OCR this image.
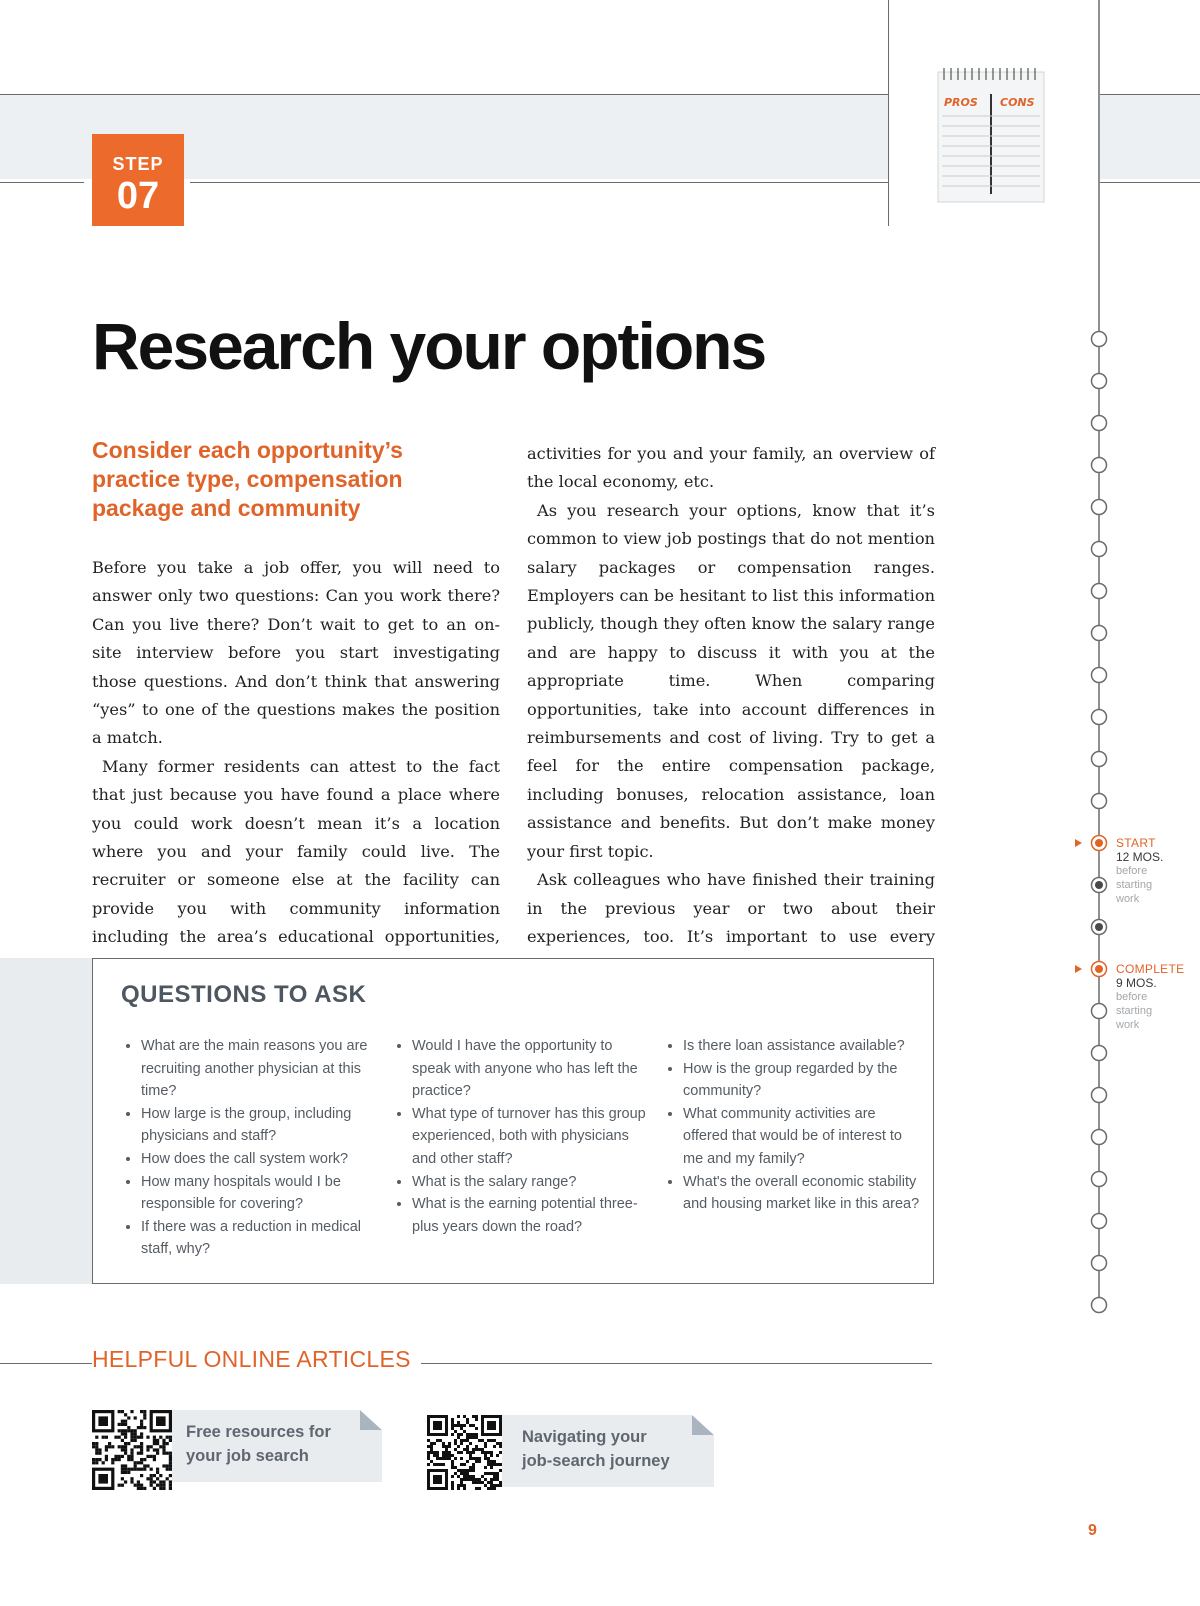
STEP
07
PROS CONS
Research your options
Consider each opportunity’s practice type, compensation package and community

Before you take a job offer, you will need to answer only two questions: Can you work there? Can you live there? Don’t wait to get to an on-site interview before you start investigating those questions. And don’t think that answering “yes” to one of the questions makes the position a match.

Many former residents can attest to the fact that just because you have found a place where you could work doesn’t mean it’s a location where you and your family could live. The recruiter or someone else at the facility can provide you with community information including the area’s educational opportunities,

activities for you and your family, an overview of the local economy, etc.

As you research your options, know that it’s common to view job postings that do not mention salary packages or compensation ranges. Employers can be hesitant to list this information publicly, though they often know the salary range and are happy to discuss it with you at the appropriate time. When comparing opportunities, take into account differences in reimbursements and cost of living. Try to get a feel for the entire compensation package, including bonuses, relocation assistance, loan assistance and benefits. But don’t make money your first topic.

Ask colleagues who have finished their training in the previous year or two about their experiences, too. It’s important to use every

QUESTIONS TO ASK
• What are the main reasons you are recruiting another physician at this time?
• How large is the group, including physicians and staff?
• How does the call system work?
• How many hospitals would I be responsible for covering?
• If there was a reduction in medical staff, why?
• Would I have the opportunity to speak with anyone who has left the practice?
• What type of turnover has this group experienced, both with physicians and other staff?
• What is the salary range?
• What is the earning potential three-plus years down the road?
• Is there loan assistance available?
• How is the group regarded by the community?
• What community activities are offered that would be of interest to me and my family?
• What's the overall economic stability and housing market like in this area?
HELPFUL ONLINE ARTICLES
Free resources for
your job search
Navigating your
job-search journey
START
12 MOS.
before
starting
work
COMPLETE
9 MOS.
before
starting
work
9
